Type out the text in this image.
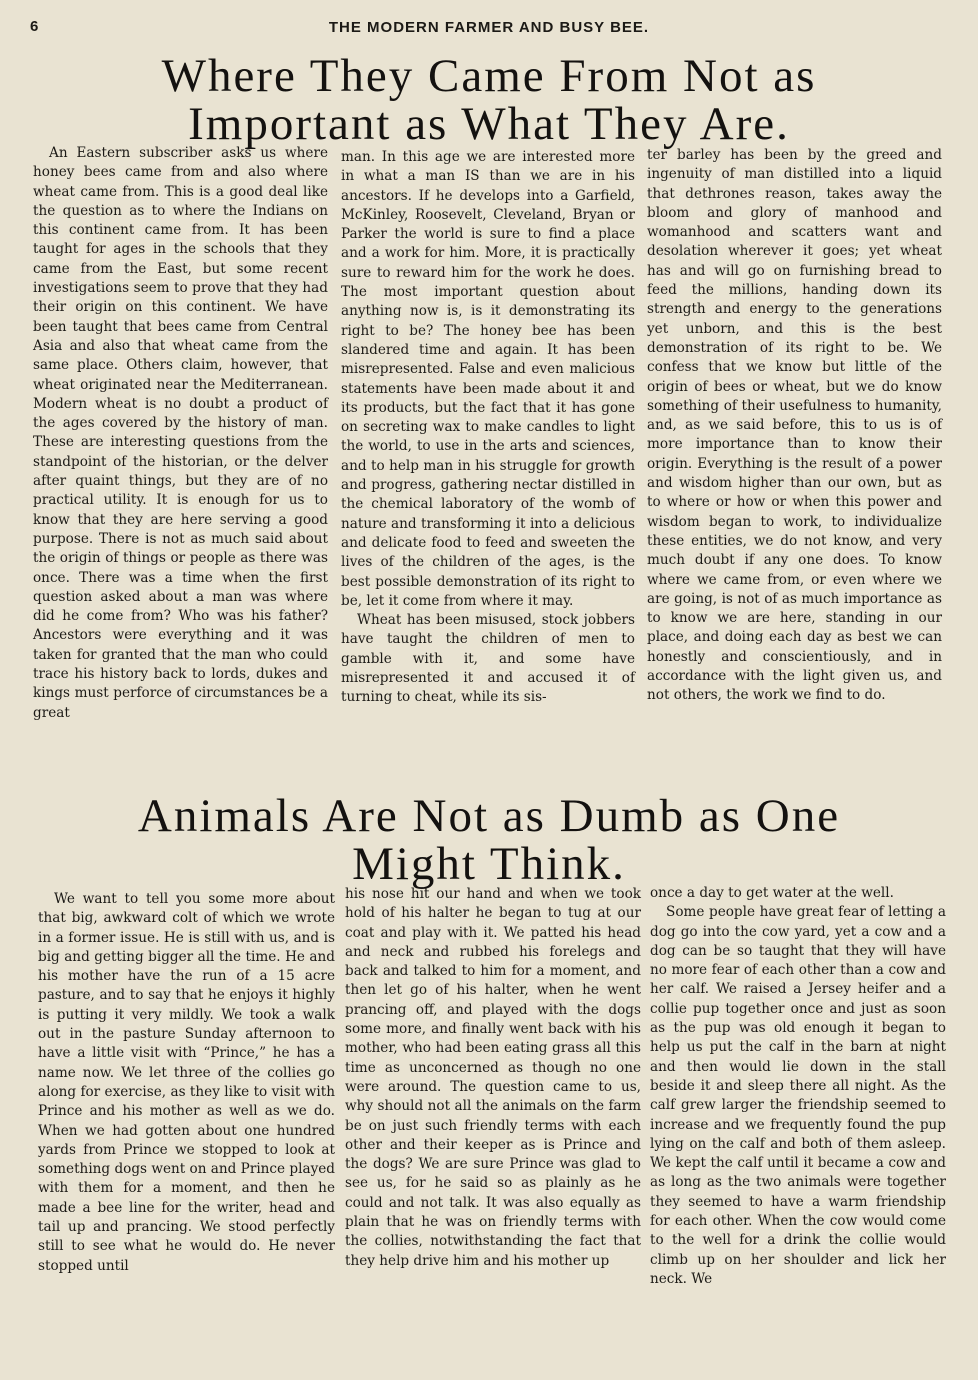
6	THE MODERN FARMER AND BUSY BEE.
Where They Came From Not as
Important as What They Are.

An Eastern subscriber asks us where honey bees came from and also where wheat came from. This is a good deal like the question as to where the Indians on this continent came from. It has been taught for ages in the schools that they came from the East, but some recent investigations seem to prove that they had their origin on this continent. We have been taught that bees came from Central Asia and also that wheat came from the same place. Others claim, however, that wheat originated near the Mediterranean. Modern wheat is no doubt a product of the ages covered by the history of man. These are interesting questions from the standpoint of the historian, or the delver after quaint things, but they are of no practical utility. It is enough for us to know that they are here serving a good purpose. There is not as much said about the origin of things or people as there was once. There was a time when the first question asked about a man was where did he come from? Who was his father? Ancestors were everything and it was taken for granted that the man who could trace his history back to lords, dukes and kings must perforce of circumstances be a great

man. In this age we are interested more in what a man IS than we are in his ancestors. If he develops into a Garfield, McKinley, Roosevelt, Cleveland, Bryan or Parker the world is sure to find a place and a work for him. More, it is practically sure to reward him for the work he does. The most important question about anything now is, is it demonstrating its right to be? The honey bee has been slandered time and again. It has been misrepresented. False and even malicious statements have been made about it and its products, but the fact that it has gone on secreting wax to make candles to light the world, to use in the arts and sciences, and to help man in his struggle for growth and progress, gathering nectar distilled in the chemical laboratory of the womb of nature and transforming it into a delicious and delicate food to feed and sweeten the lives of the children of the ages, is the best possible demonstration of its right to be, let it come from where it may.

Wheat has been misused, stock jobbers have taught the children of men to gamble with it, and some have misrepresented it and accused it of turning to cheat, while its sis-

ter barley has been by the greed and ingenuity of man distilled into a liquid that dethrones reason, takes away the bloom and glory of manhood and womanhood and scatters want and desolation wherever it goes; yet wheat has and will go on furnishing bread to feed the millions, handing down its strength and energy to the generations yet unborn, and this is the best demonstration of its right to be. We confess that we know but little of the origin of bees or wheat, but we do know something of their usefulness to humanity, and, as we said before, this to us is of more importance than to know their origin. Everything is the result of a power and wisdom higher than our own, but as to where or how or when this power and wisdom began to work, to individualize these entities, we do not know, and very much doubt if any one does. To know where we came from, or even where we are going, is not of as much importance as to know we are here, standing in our place, and doing each day as best we can honestly and conscientiously, and in accordance with the light given us, and not others, the work we find to do.

Animals Are Not as Dumb as One
Might Think.

We want to tell you some more about that big, awkward colt of which we wrote in a former issue. He is still with us, and is big and getting bigger all the time. He and his mother have the run of a 15 acre pasture, and to say that he enjoys it highly is putting it very mildly. We took a walk out in the pasture Sunday afternoon to have a little visit with “Prince,” he has a name now. We let three of the collies go along for exercise, as they like to visit with Prince and his mother as well as we do. When we had gotten about one hundred yards from Prince we stopped to look at something dogs went on and Prince played with them for a moment, and then he made a bee line for the writer, head and tail up and prancing. We stood perfectly still to see what he would do. He never stopped until

his nose hit our hand and when we took hold of his halter he began to tug at our coat and play with it. We patted his head and neck and rubbed his forelegs and back and talked to him for a moment, and then let go of his halter, when he went prancing off, and played with the dogs some more, and finally went back with his mother, who had been eating grass all this time as unconcerned as though no one were around. The question came to us, why should not all the animals on the farm be on just such friendly terms with each other and their keeper as is Prince and the dogs? We are sure Prince was glad to see us, for he said so as plainly as he could and not talk. It was also equally as plain that he was on friendly terms with the collies, notwithstanding the fact that they help drive him and his mother up

once a day to get water at the well.

Some people have great fear of letting a dog go into the cow yard, yet a cow and a dog can be so taught that they will have no more fear of each other than a cow and her calf. We raised a Jersey heifer and a collie pup together once and just as soon as the pup was old enough it began to help us put the calf in the barn at night and then would lie down in the stall beside it and sleep there all night. As the calf grew larger the friendship seemed to increase and we frequently found the pup lying on the calf and both of them asleep. We kept the calf until it became a cow and as long as the two animals were together they seemed to have a warm friendship for each other. When the cow would come to the well for a drink the collie would climb up on her shoulder and lick her neck. We
